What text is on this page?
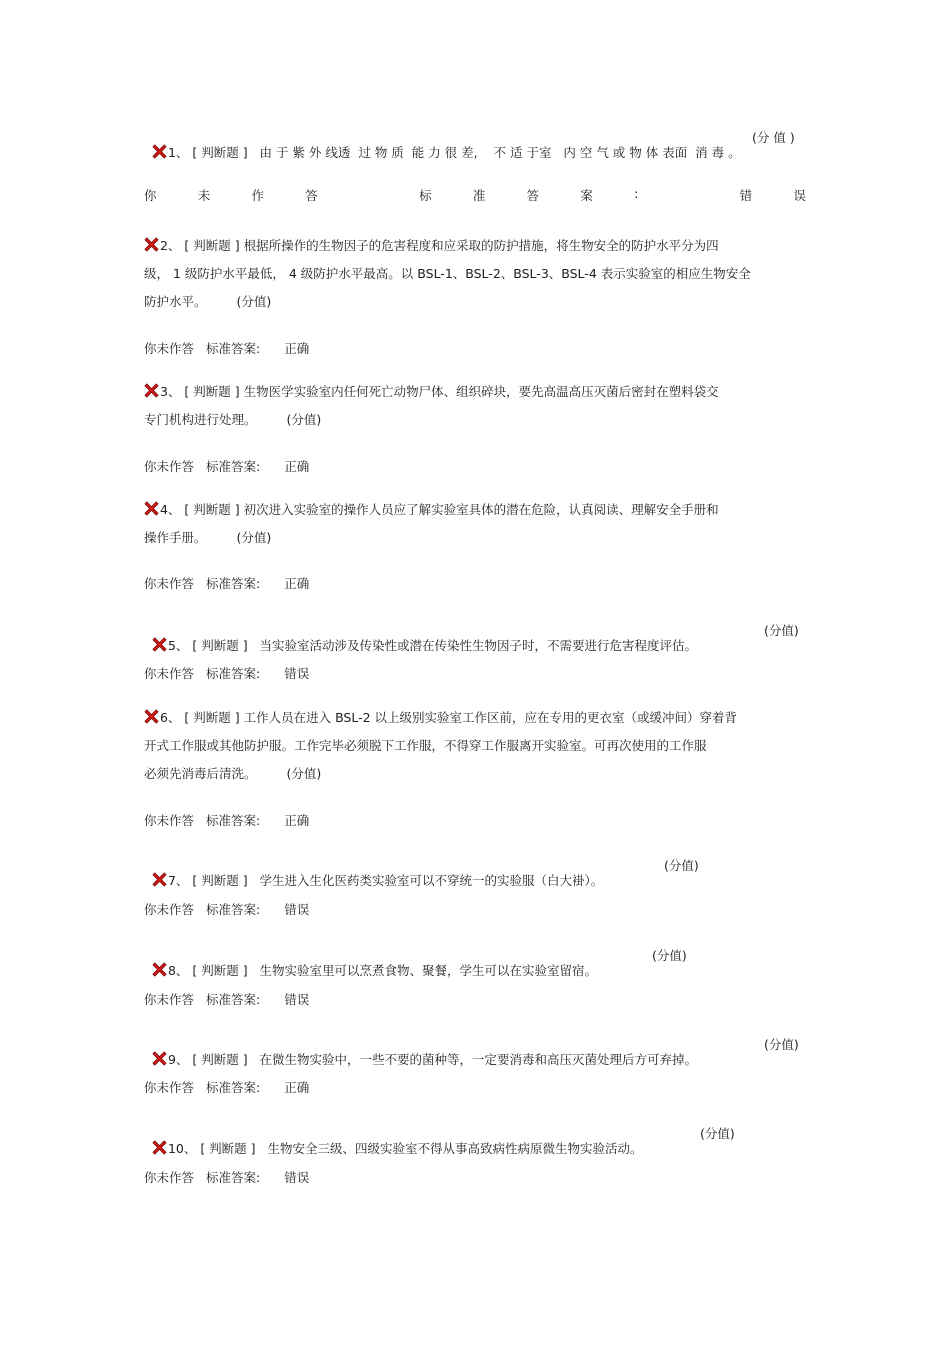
1、 [ 判断题 ]   由 于 紫 外 线透  过 物 质  能 力 很 差,    不 适 于室   内 空 气 或 物 体 表面  消 毒 。

(分 值 )
你	未	作	答	标	准	答	案	:	错	误
2、 [ 判断题 ] 根据所操作的生物因子的危害程度和应采取的防护措施，将生物安全的防护水平分为四
级， 1 级防护水平最低， 4 级防护水平最高。以 BSL-1、BSL-2、BSL-3、BSL-4 表示实验室的相应生物安全
防护水平。 (分值)
你未作答 标准答案: 正确
3、 [ 判断题 ] 生物医学实验室内任何死亡动物尸体、组织碎块，要先高温高压灭菌后密封在塑料袋交
专门机构进行处理。 (分值)
你未作答 标准答案: 正确
4、 [ 判断题 ] 初次进入实验室的操作人员应了解实验室具体的潜在危险，认真阅读、理解安全手册和
操作手册。 (分值)
你未作答 标准答案: 正确

5、 [ 判断题 ]   当实验室活动涉及传染性或潜在传染性生物因子时，不需要进行危害程度评估。

(分值)
你未作答 标准答案: 错误
6、 [ 判断题 ] 工作人员在进入 BSL-2 以上级别实验室工作区前，应在专用的更衣室（或缓冲间）穿着背
开式工作服或其他防护服。工作完毕必须脱下工作服，不得穿工作服离开实验室。可再次使用的工作服
必须先消毒后清洗。 (分值)
你未作答 标准答案: 正确

7、 [ 判断题 ]   学生进入生化医药类实验室可以不穿统一的实验服（白大褂）。

(分值)
你未作答 标准答案: 错误

8、 [ 判断题 ]   生物实验室里可以烹煮食物、聚餐，学生可以在实验室留宿。

(分值)
你未作答 标准答案: 错误

9、 [ 判断题 ]   在微生物实验中，一些不要的菌种等，一定要消毒和高压灭菌处理后方可弃掉。

(分值)
你未作答 标准答案: 正确

10、 [ 判断题 ]   生物安全三级、四级实验室不得从事高致病性病原微生物实验活动。

(分值)
你未作答 标准答案: 错误
